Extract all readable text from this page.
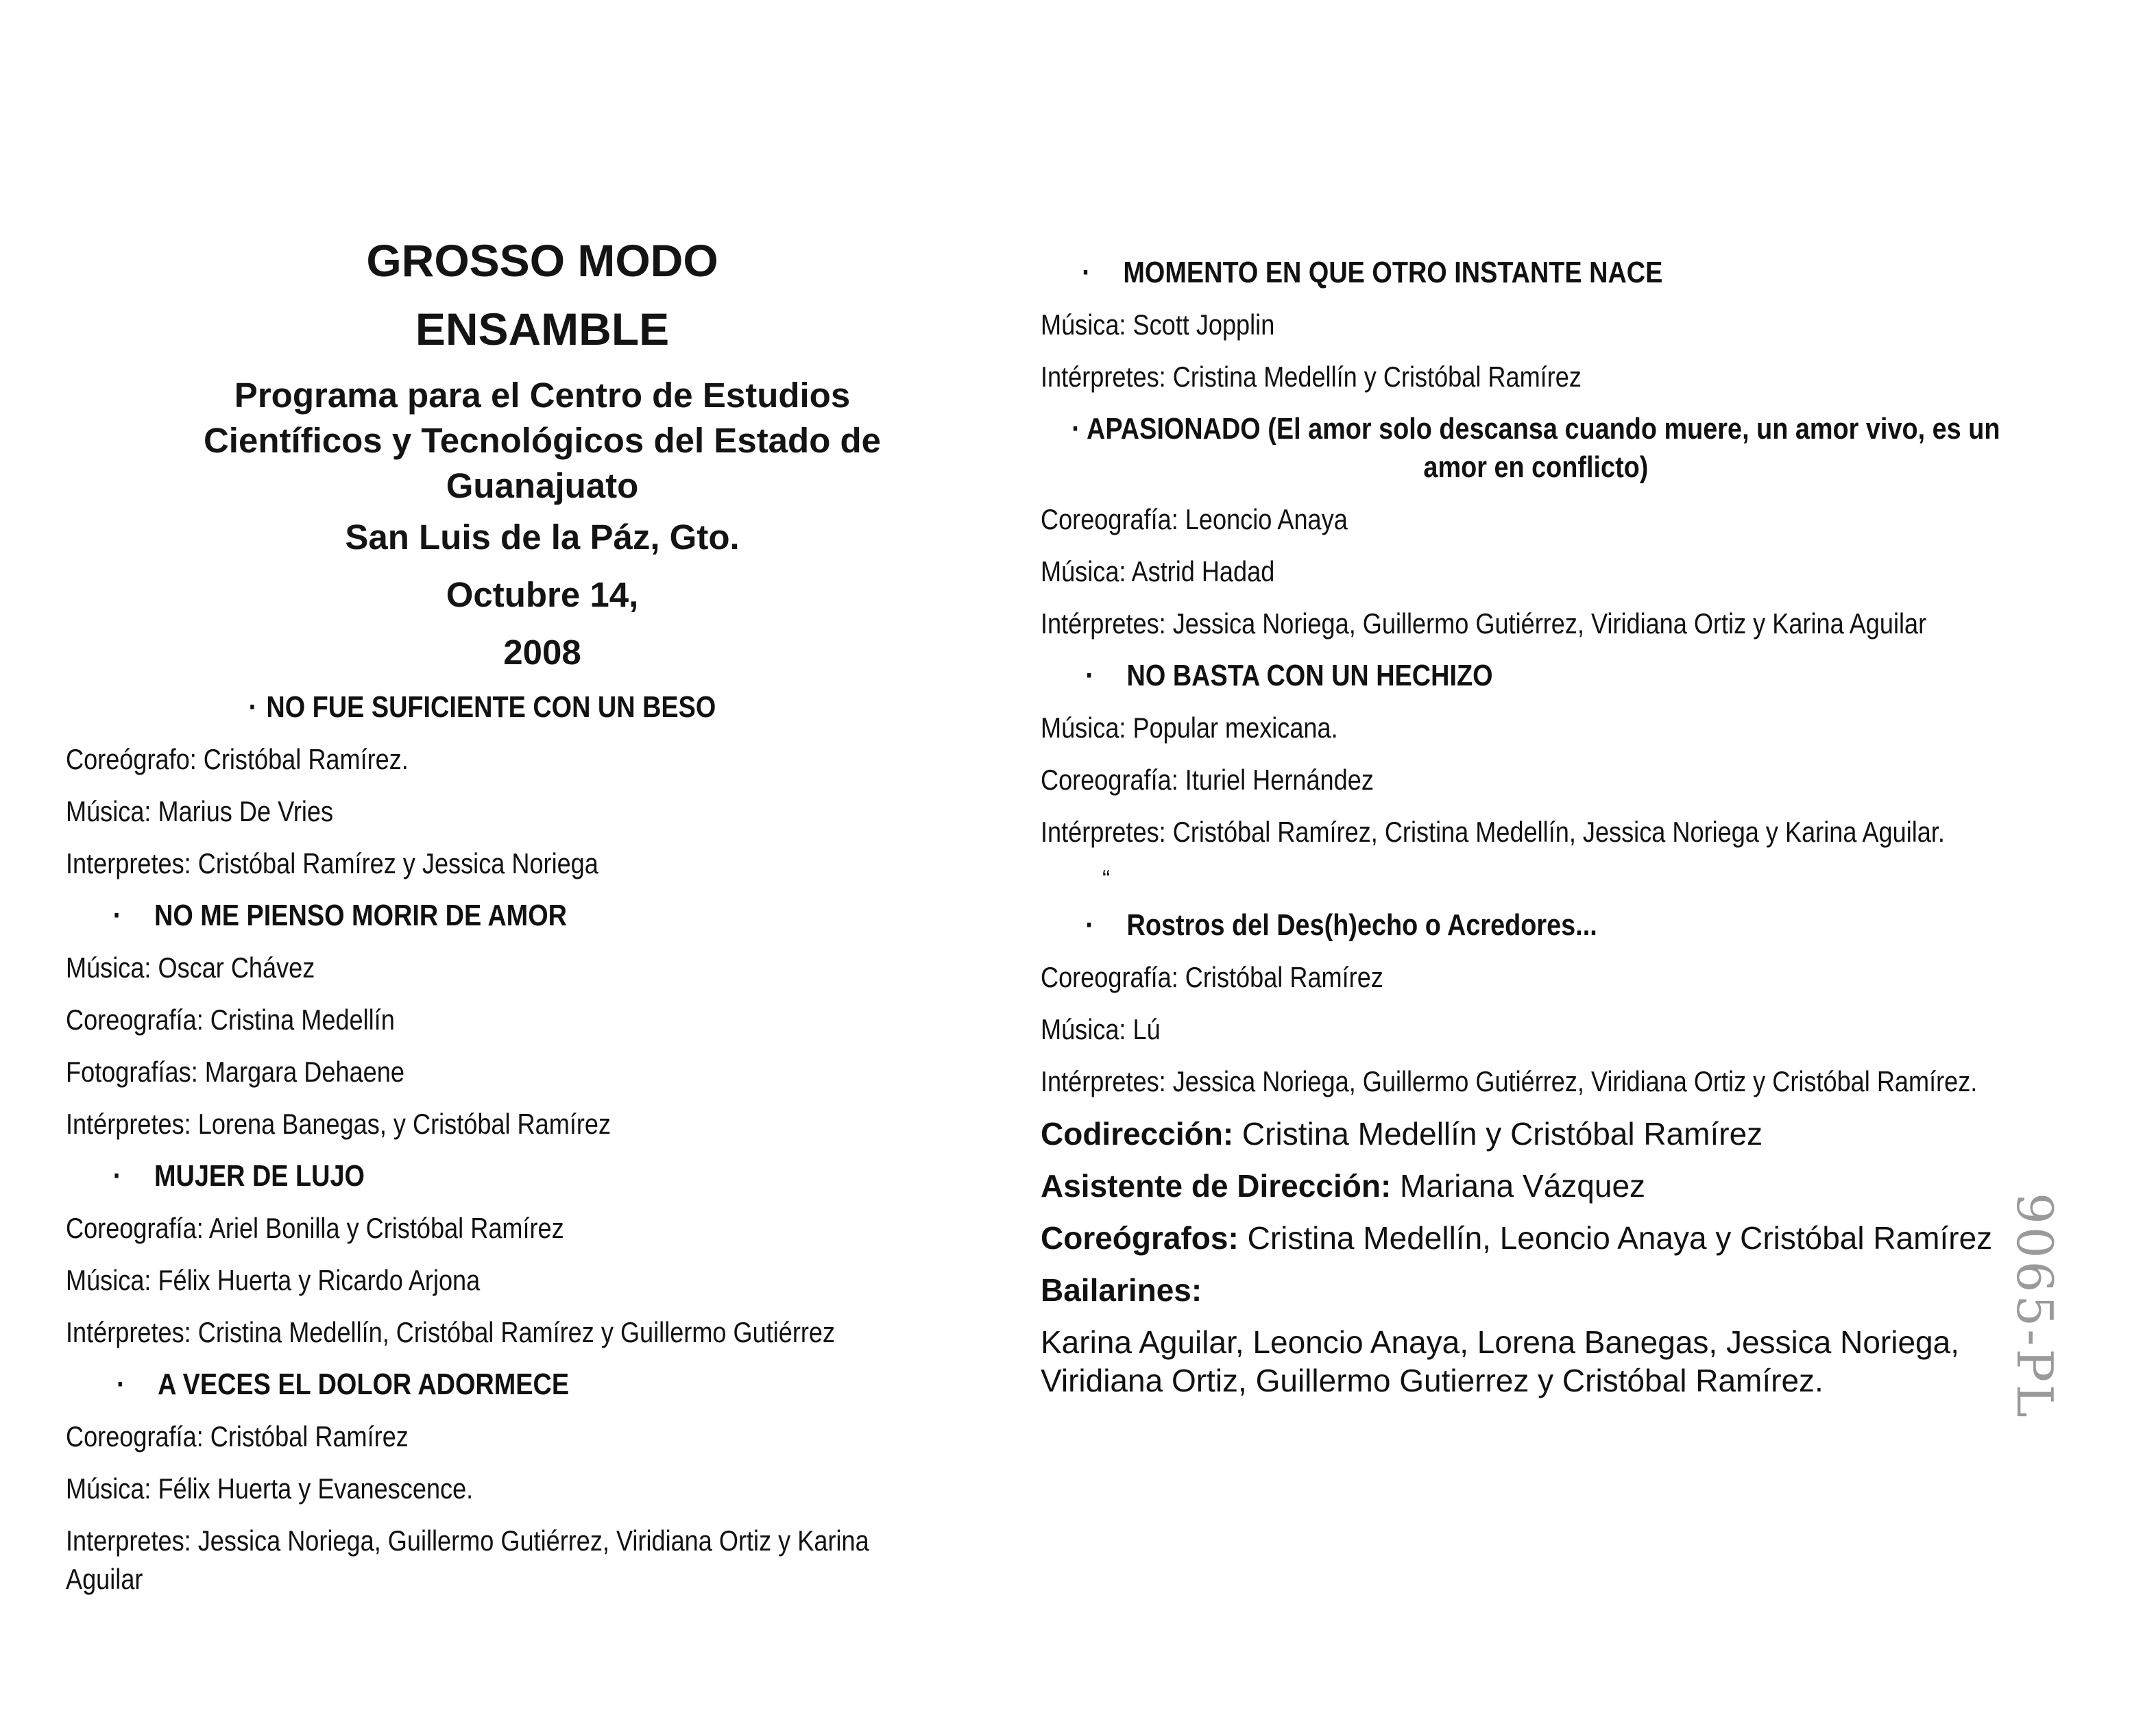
GROSSO MODO
ENSAMBLE
Programa para el Centro de Estudios
Científicos y Tecnológicos del Estado de
Guanajuato
San Luis de la Páz, Gto.
Octubre 14,
2008
· NO FUE SUFICIENTE CON UN BESO
Coreógrafo: Cristóbal Ramírez.
Música: Marius De Vries
Interpretes: Cristóbal Ramírez y Jessica Noriega
· NO ME PIENSO MORIR DE AMOR
Música: Oscar Chávez
Coreografía: Cristina Medellín
Fotografías: Margara Dehaene
Intérpretes: Lorena Banegas, y Cristóbal Ramírez
· MUJER DE LUJO
Coreografía: Ariel Bonilla y Cristóbal Ramírez
Música: Félix Huerta y Ricardo Arjona
Intérpretes: Cristina Medellín, Cristóbal Ramírez y Guillermo Gutiérrez
· A VECES EL DOLOR ADORMECE
Coreografía: Cristóbal Ramírez
Música: Félix Huerta y Evanescence.
Interpretes: Jessica Noriega, Guillermo Gutiérrez, Viridiana Ortiz y Karina Aguilar
· MOMENTO EN QUE OTRO INSTANTE NACE
Música: Scott Jopplin
Intérpretes: Cristina Medellín y Cristóbal Ramírez
· APASIONADO (El amor solo descansa cuando muere, un amor vivo, es un amor en conflicto)
Coreografía: Leoncio Anaya
Música: Astrid Hadad
Intérpretes: Jessica Noriega, Guillermo Gutiérrez, Viridiana Ortiz y Karina Aguilar
· NO BASTA CON UN HECHIZO
Música: Popular mexicana.
Coreografía: Ituriel Hernández
Intérpretes: Cristóbal Ramírez, Cristina Medellín, Jessica Noriega y Karina Aguilar.
“
· Rostros del Des(h)echo o Acredores...
Coreografía: Cristóbal Ramírez
Música: Lú
Intérpretes: Jessica Noriega, Guillermo Gutiérrez, Viridiana Ortiz y Cristóbal Ramírez.
Codirección: Cristina Medellín y Cristóbal Ramírez
Asistente de Dirección: Mariana Vázquez
Coreógrafos: Cristina Medellín, Leoncio Anaya y Cristóbal Ramírez
Bailarines:
Karina Aguilar, Leoncio Anaya, Lorena Banegas, Jessica Noriega, Viridiana Ortiz, Guillermo Gutierrez y Cristóbal Ramírez.	9065-PL
